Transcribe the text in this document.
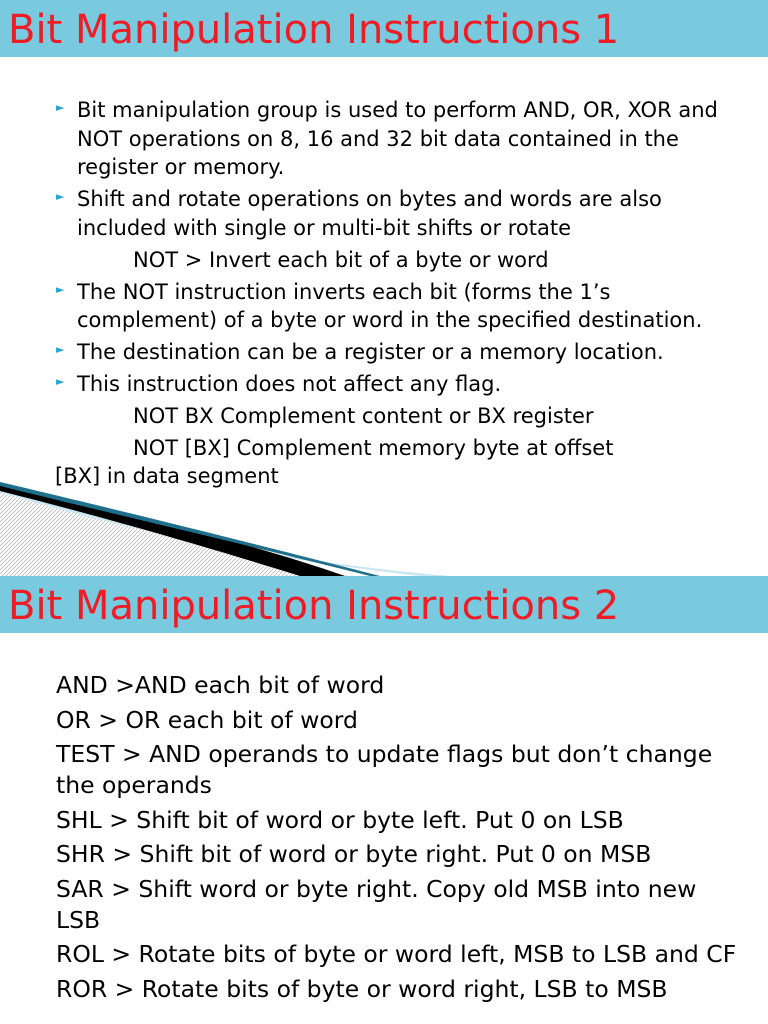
Bit Manipulation Instructions 1
► Bit manipulation group is used to perform AND, OR, XOR and NOT operations on 8, 16 and 32 bit data contained in the register or memory.
► Shift and rotate operations on bytes and words are also included with single or multi-bit shifts or rotate
NOT > Invert each bit of a byte or word
► The NOT instruction inverts each bit (forms the 1’s complement) of a byte or word in the specified destination.
► The destination can be a register or a memory location.
► This instruction does not affect any flag.
NOT BX Complement content or BX register
NOT [BX] Complement memory byte at offset
[BX] in data segment
Bit Manipulation Instructions 2
AND >AND each bit of word
OR > OR each bit of word
TEST > AND operands to update flags but don’t change the operands
SHL > Shift bit of word or byte left. Put 0 on LSB
SHR > Shift bit of word or byte right. Put 0 on MSB
SAR > Shift word or byte right. Copy old MSB into new LSB
ROL > Rotate bits of byte or word left, MSB to LSB and CF
ROR > Rotate bits of byte or word right, LSB to MSB
